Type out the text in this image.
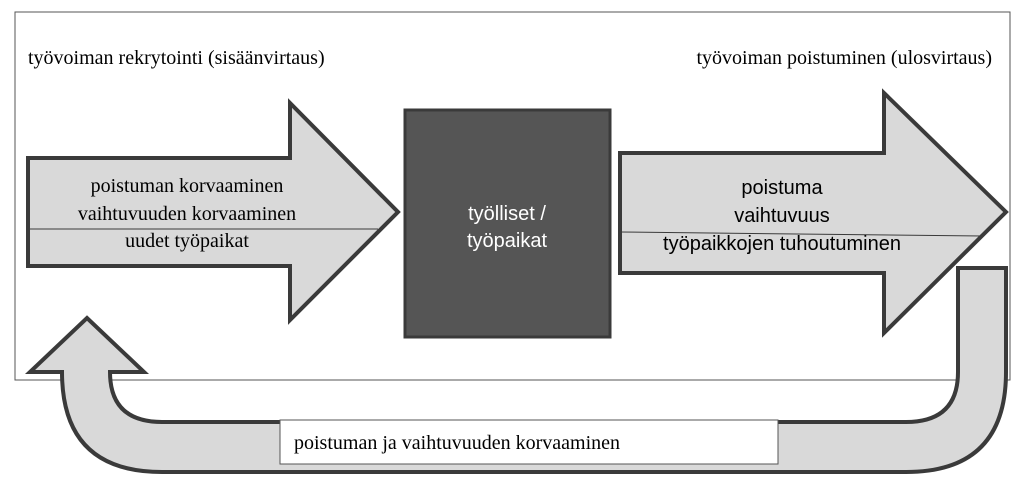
poistuman ja vaihtuvuuden korvaaminen
poistuman korvaaminen
vaihtuvuuden korvaaminen
uudet työpaikat
työlliset /
työpaikat
poistuma
vaihtuvuus
työpaikkojen tuhoutuminen
työvoiman rekrytointi (sisäänvirtaus)	työvoiman poistuminen (ulosvirtaus)
